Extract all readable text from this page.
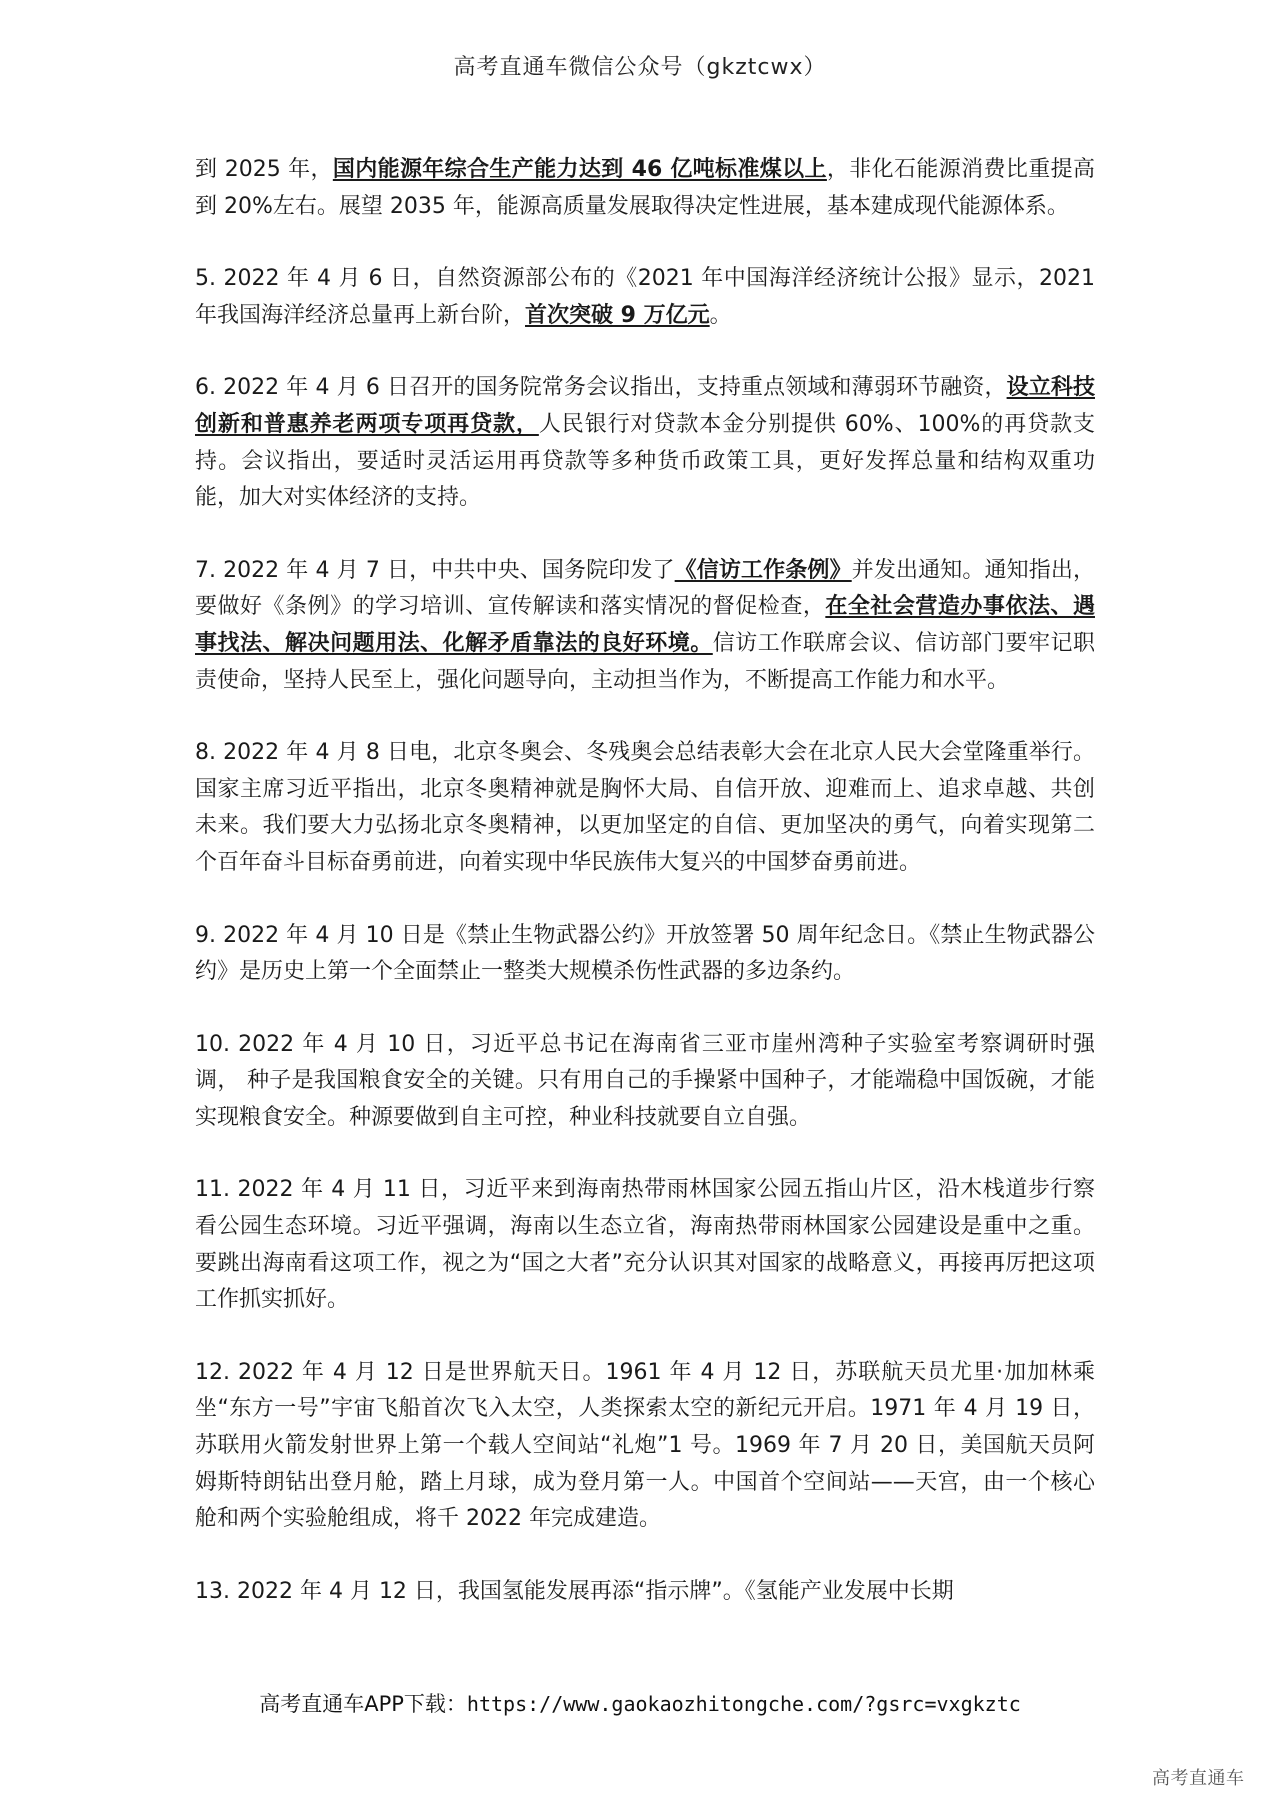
高考直通车微信公众号（gkztcwx）

到 2025 年，国内能源年综合生产能力达到 46 亿吨标准煤以上，非化石能源消费比重提高到 20%左右。展望 2035 年，能源高质量发展取得决定性进展，基本建成现代能源体系。

5. 2022 年 4 月 6 日，自然资源部公布的《2021 年中国海洋经济统计公报》显示，2021 年我国海洋经济总量再上新台阶，首次突破 9 万亿元。

6. 2022 年 4 月 6 日召开的国务院常务会议指出，支持重点领域和薄弱环节融资，设立科技创新和普惠养老两项专项再贷款，人民银行对贷款本金分别提供 60%、100%的再贷款支持。会议指出，要适时灵活运用再贷款等多种货币政策工具，更好发挥总量和结构双重功能，加大对实体经济的支持。

7. 2022 年 4 月 7 日，中共中央、国务院印发了《信访工作条例》并发出通知。通知指出，要做好《条例》的学习培训、宣传解读和落实情况的督促检查，在全社会营造办事依法、遇事找法、解决问题用法、化解矛盾靠法的良好环境。信访工作联席会议、信访部门要牢记职责使命，坚持人民至上，强化问题导向，主动担当作为，不断提高工作能力和水平。

8. 2022 年 4 月 8 日电，北京冬奥会、冬残奥会总结表彰大会在北京人民大会堂隆重举行。国家主席习近平指出，北京冬奥精神就是胸怀大局、自信开放、迎难而上、追求卓越、共创未来。我们要大力弘扬北京冬奥精神，以更加坚定的自信、更加坚决的勇气，向着实现第二个百年奋斗目标奋勇前进，向着实现中华民族伟大复兴的中国梦奋勇前进。

9. 2022 年 4 月 10 日是《禁止生物武器公约》开放签署 50 周年纪念日。《禁止生物武器公约》是历史上第一个全面禁止一整类大规模杀伤性武器的多边条约。

10. 2022 年 4 月 10 日，习近平总书记在海南省三亚市崖州湾种子实验室考察调研时强调， 种子是我国粮食安全的关键。只有用自己的手操紧中国种子，才能端稳中国饭碗，才能实现粮食安全。种源要做到自主可控，种业科技就要自立自强。

11. 2022 年 4 月 11 日，习近平来到海南热带雨林国家公园五指山片区，沿木栈道步行察看公园生态环境。习近平强调，海南以生态立省，海南热带雨林国家公园建设是重中之重。要跳出海南看这项工作，视之为“国之大者”充分认识其对国家的战略意义，再接再厉把这项工作抓实抓好。

12. 2022 年 4 月 12 日是世界航天日。1961 年 4 月 12 日，苏联航天员尤里·加加林乘坐“东方一号”宇宙飞船首次飞入太空，人类探索太空的新纪元开启。1971 年 4 月 19 日，苏联用火箭发射世界上第一个载人空间站“礼炮”1 号。1969 年 7 月 20 日，美国航天员阿姆斯特朗钻出登月舱，踏上月球，成为登月第一人。中国首个空间站——天宫，由一个核心舱和两个实验舱组成，将千 2022 年完成建造。

13. 2022 年 4 月 12 日，我国氢能发展再添“指示牌”。《氢能产业发展中长期

高考直通车APP下载：https://www.gaokaozhitongche.com/?gsrc=vxgkztc
高考直通车
